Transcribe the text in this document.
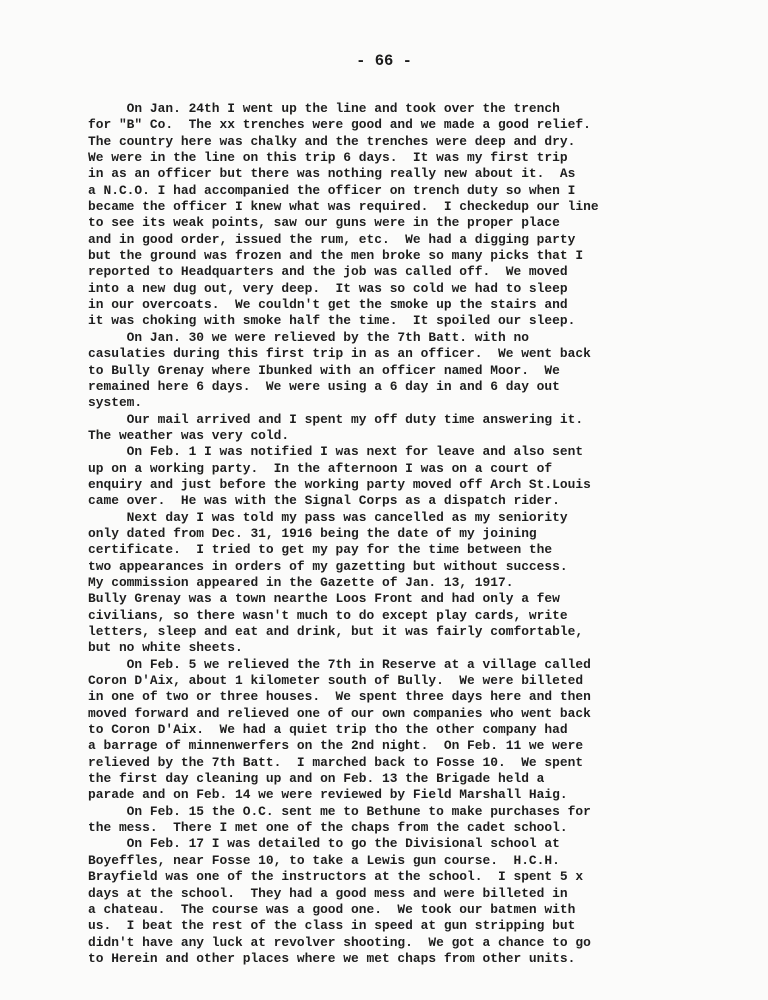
- 66 -
On Jan. 24th I went up the line and took over the trench
for "B" Co.  The xx trenches were good and we made a good relief.
The country here was chalky and the trenches were deep and dry.
We were in the line on this trip 6 days.  It was my first trip
in as an officer but there was nothing really new about it.  As
a N.C.O. I had accompanied the officer on trench duty so when I
became the officer I knew what was required.  I checkedup our line
to see its weak points, saw our guns were in the proper place
and in good order, issued the rum, etc.  We had a digging party
but the ground was frozen and the men broke so many picks that I
reported to Headquarters and the job was called off.  We moved
into a new dug out, very deep.  It was so cold we had to sleep
in our overcoats.  We couldn't get the smoke up the stairs and
it was choking with smoke half the time.  It spoiled our sleep.
On Jan. 30 we were relieved by the 7th Batt. with no
casulaties during this first trip in as an officer.  We went back
to Bully Grenay where Ibunked with an officer named Moor.  We
remained here 6 days.  We were using a 6 day in and 6 day out
system.
Our mail arrived and I spent my off duty time answering it.
The weather was very cold.
On Feb. 1 I was notified I was next for leave and also sent
up on a working party.  In the afternoon I was on a court of
enquiry and just before the working party moved off Arch St.Louis
came over.  He was with the Signal Corps as a dispatch rider.
Next day I was told my pass was cancelled as my seniority
only dated from Dec. 31, 1916 being the date of my joining
certificate.  I tried to get my pay for the time between the
two appearances in orders of my gazetting but without success.
My commission appeared in the Gazette of Jan. 13, 1917.
Bully Grenay was a town nearthe Loos Front and had only a few
civilians, so there wasn't much to do except play cards, write
letters, sleep and eat and drink, but it was fairly comfortable,
but no white sheets.
On Feb. 5 we relieved the 7th in Reserve at a village called
Coron D'Aix, about 1 kilometer south of Bully.  We were billeted
in one of two or three houses.  We spent three days here and then
moved forward and relieved one of our own companies who went back
to Coron D'Aix.  We had a quiet trip tho the other company had
a barrage of minnenwerfers on the 2nd night.  On Feb. 11 we were
relieved by the 7th Batt.  I marched back to Fosse 10.  We spent
the first day cleaning up and on Feb. 13 the Brigade held a
parade and on Feb. 14 we were reviewed by Field Marshall Haig.
On Feb. 15 the O.C. sent me to Bethune to make purchases for
the mess.  There I met one of the chaps from the cadet school.
On Feb. 17 I was detailed to go the Divisional school at
Boyeffles, near Fosse 10, to take a Lewis gun course.  H.C.H.
Brayfield was one of the instructors at the school.  I spent 5 x
days at the school.  They had a good mess and were billeted in
a chateau.  The course was a good one.  We took our batmen with
us.  I beat the rest of the class in speed at gun stripping but
didn't have any luck at revolver shooting.  We got a chance to go
to Herein and other places where we met chaps from other units.
